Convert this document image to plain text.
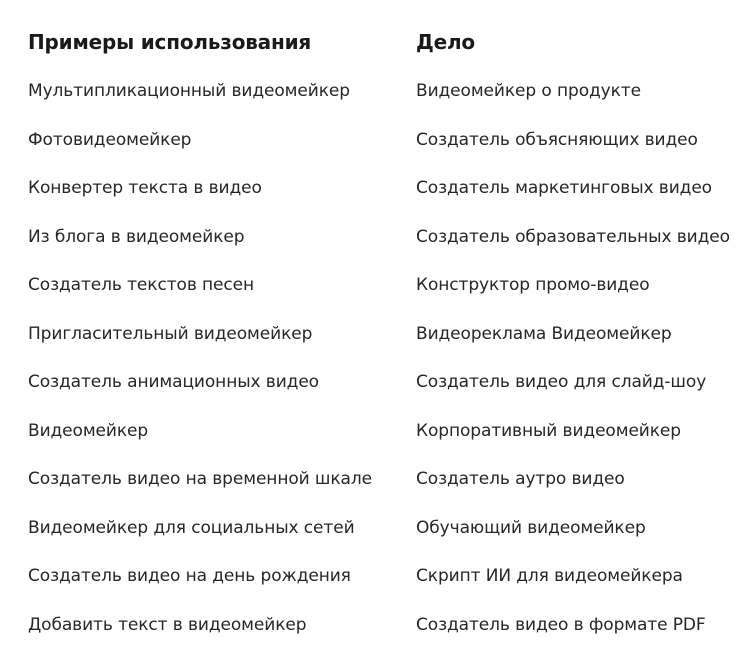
Примеры использования
Мультипликационный видеомейкер
Фотовидеомейкер
Конвертер текста в видео
Из блога в видеомейкер
Создатель текстов песен
Пригласительный видеомейкер
Создатель анимационных видео
Видеомейкер
Создатель видео на временной шкале
Видеомейкер для социальных сетей
Создатель видео на день рождения
Добавить текст в видеомейкер
Дело
Видеомейкер о продукте
Создатель объясняющих видео
Создатель маркетинговых видео
Создатель образовательных видео
Конструктор промо-видео
Видеореклама Видеомейкер
Создатель видео для слайд-шоу
Корпоративный видеомейкер
Создатель аутро видео
Обучающий видеомейкер
Скрипт ИИ для видеомейкера
Создатель видео в формате PDF
